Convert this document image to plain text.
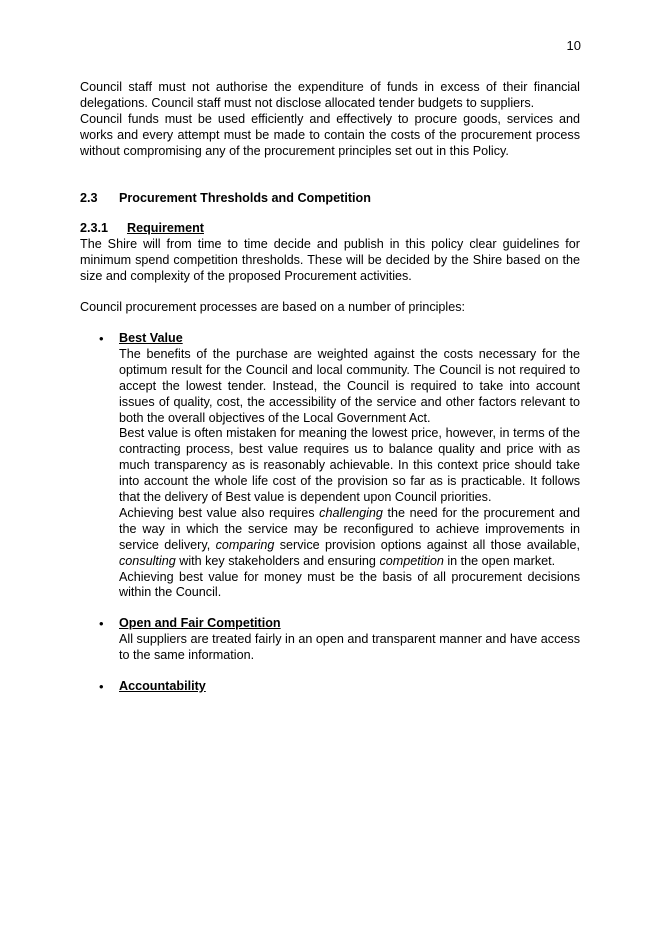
10

Council staff must not authorise the expenditure of funds in excess of their financial delegations. Council staff must not disclose allocated tender budgets to suppliers.

Council funds must be used efficiently and effectively to procure goods, services and works and every attempt must be made to contain the costs of the procurement process without compromising any of the procurement principles set out in this Policy.

2.3	Procurement Thresholds and Competition
2.3.1 Requirement

The Shire will from time to time decide and publish in this policy clear guidelines for minimum spend competition thresholds. These will be decided by the Shire based on the size and complexity of the proposed Procurement activities.

Council procurement processes are based on a number of principles:

• Best Value

The benefits of the purchase are weighted against the costs necessary for the optimum result for the Council and local community. The Council is not required to accept the lowest tender. Instead, the Council is required to take into account issues of quality, cost, the accessibility of the service and other factors relevant to both the overall objectives of the Local Government Act.

Best value is often mistaken for meaning the lowest price, however, in terms of the contracting process, best value requires us to balance quality and price with as much transparency as is reasonably achievable. In this context price should take into account the whole life cost of the provision so far as is practicable. It follows that the delivery of Best value is dependent upon Council priorities.

Achieving best value also requires challenging the need for the procurement and the way in which the service may be reconfigured to achieve improvements in service delivery, comparing service provision options against all those available, consulting with key stakeholders and ensuring competition in the open market.

Achieving best value for money must be the basis of all procurement decisions within the Council.

• Open and Fair Competition

All suppliers are treated fairly in an open and transparent manner and have access to the same information.

• Accountability
